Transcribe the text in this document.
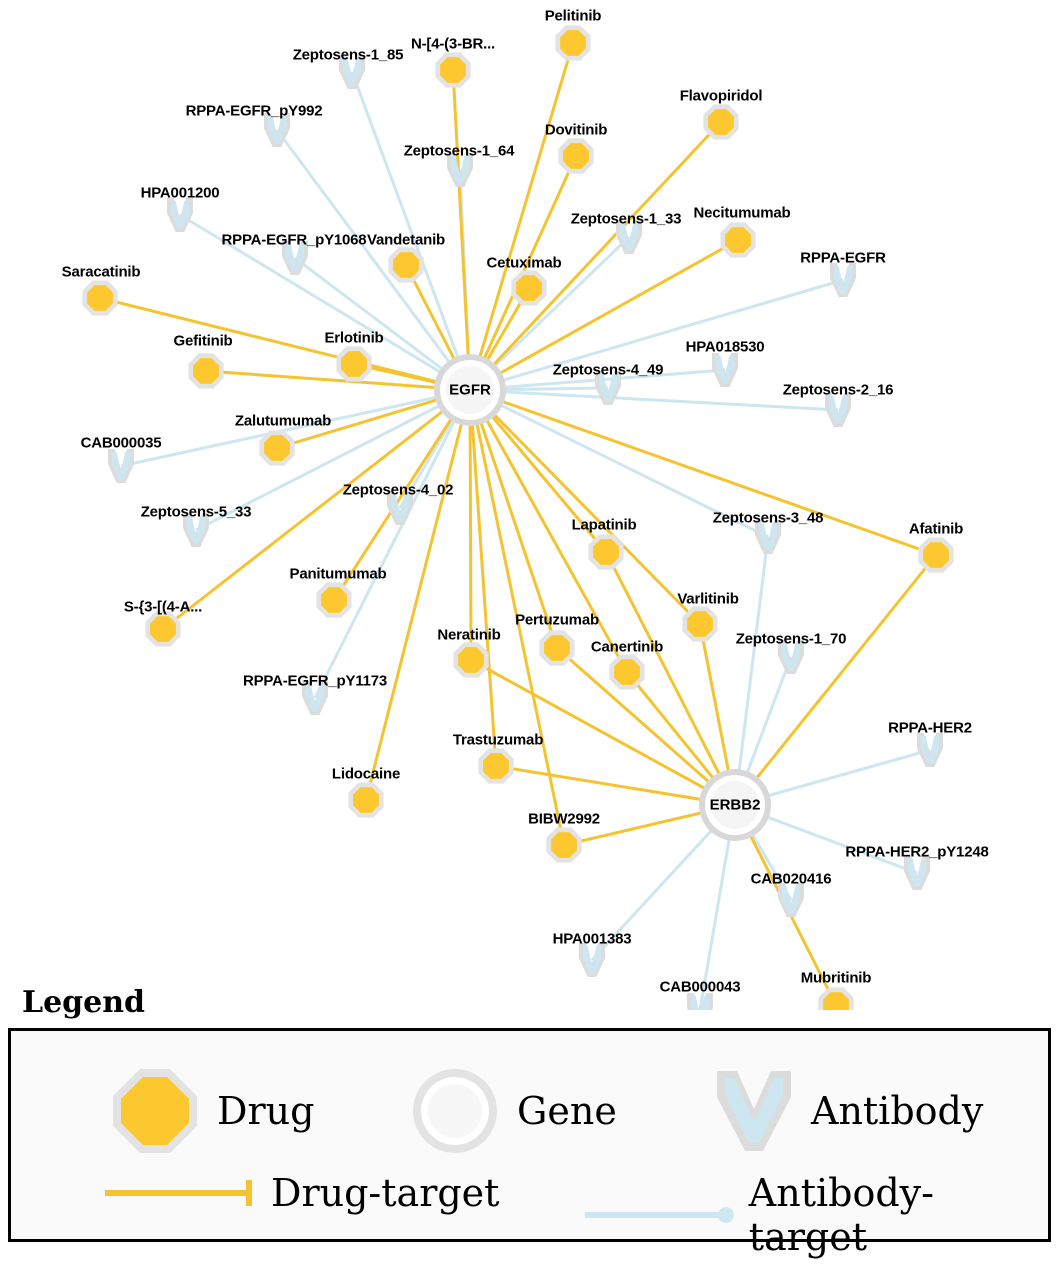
Zeptosens-1_85
RPPA-EGFR_pY992
Zeptosens-1_64
HPA001200
Zeptosens-1_33
RPPA-EGFR_pY1068
RPPA-EGFR
HPA018530
Zeptosens-4_49
Zeptosens-2_16
CAB000035
Zeptosens-4_02
Zeptosens-5_33	Zeptosens-3_48
RPPA-EGFR_pY1173
Zeptosens-1_70
RPPA-HER2
RPPA-HER2_pY1248
CAB020416
HPA001383
CAB000043
Pelitinib
N-[4-(3-BR...
Flavopiridol
Dovitinib
Necitumumab
Vandetanib
Cetuximab
Saracatinib
Gefitinib	Erlotinib
Zalutumumab
Afatinib
Lapatinib
Varlitinib
Panitumumab
S-{3-[(4-A...
Pertuzumab
Neratinib
Canertinib
Trastuzumab
Lidocaine
BIBW2992
Mubritinib
EGFR
ERBB2
Legend
Drug	Gene	Antibody
Drug-target	Antibody-target
